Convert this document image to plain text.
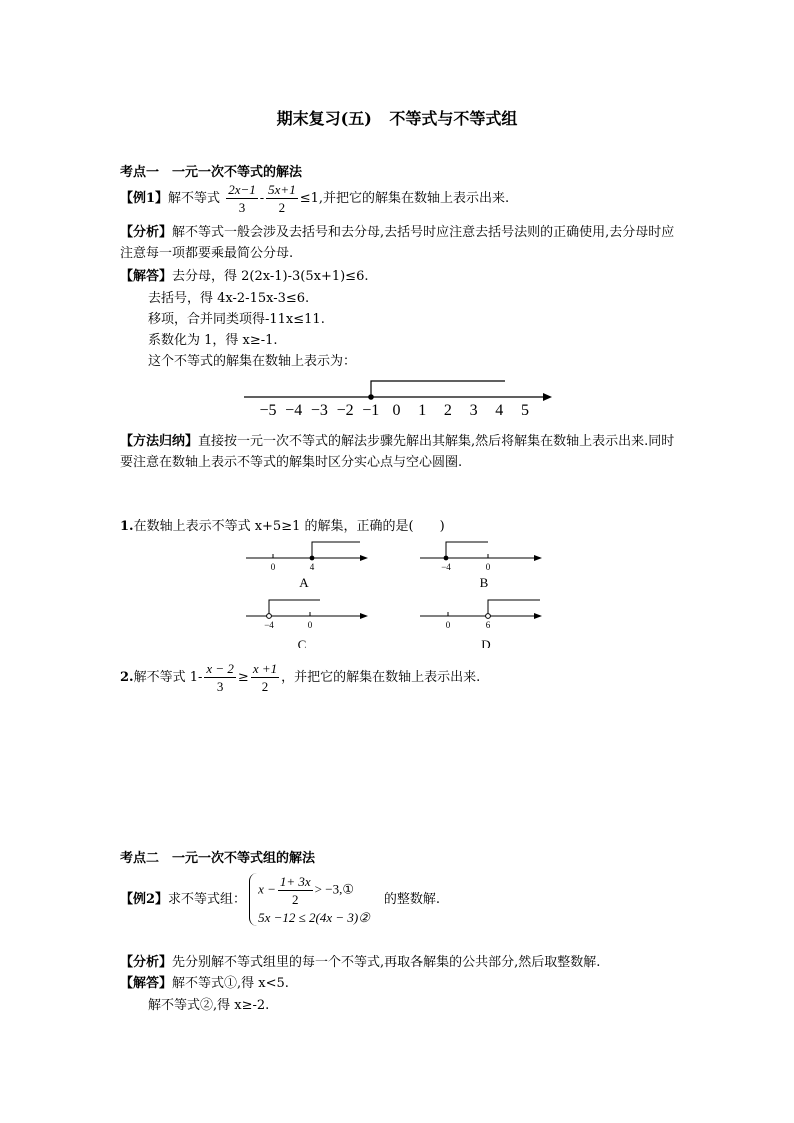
期末复习(五) 不等式与不等式组
考点一　一元一次不等式的解法
【例1】解不等式 $\frac{2x-1}{3} - \frac{5x+1}{2} \le 1$,并把它的解集在数轴上表示出来.
【分析】解不等式一般会涉及去括号和去分母,去括号时应注意去括号法则的正确使用,去分母时应注意每一项都要乘最简公分母.
【解答】去分母，得 2(2x-1)-3(5x+1)≤6.
去括号，得 4x-2-15x-3≤6.
移项，合并同类项得-11x≤11.
系数化为 1，得 x≥-1.
这个不等式的解集在数轴上表示为：
−5 −4 −3 −2 −1 0 1 2 3 4 5
【方法归纳】直接按一元一次不等式的解法步骤先解出其解集,然后将解集在数轴上表示出来.同时要注意在数轴上表示不等式的解集时区分实心点与空心圆圈.
1.在数轴上表示不等式 x+5≥1 的解集，正确的是(　　)
0	4
A
−4	0
B
−4	0
C
0	6
D
2.解不等式 $1- \frac{x - 2}{3} \ge \frac{x +1}{2}$ ，并把它的解集在数轴上表示出来.
考点二　一元一次不等式组的解法
【例2】求不等式组：
$x - \frac{1+ 3x}{2}$ > −3,①
5x −12 ≤ 2(4x − 3)②
的整数解.
【分析】先分别解不等式组里的每一个不等式,再取各解集的公共部分,然后取整数解.
【解答】解不等式①,得 x<5.
解不等式②,得 x≥-2.
